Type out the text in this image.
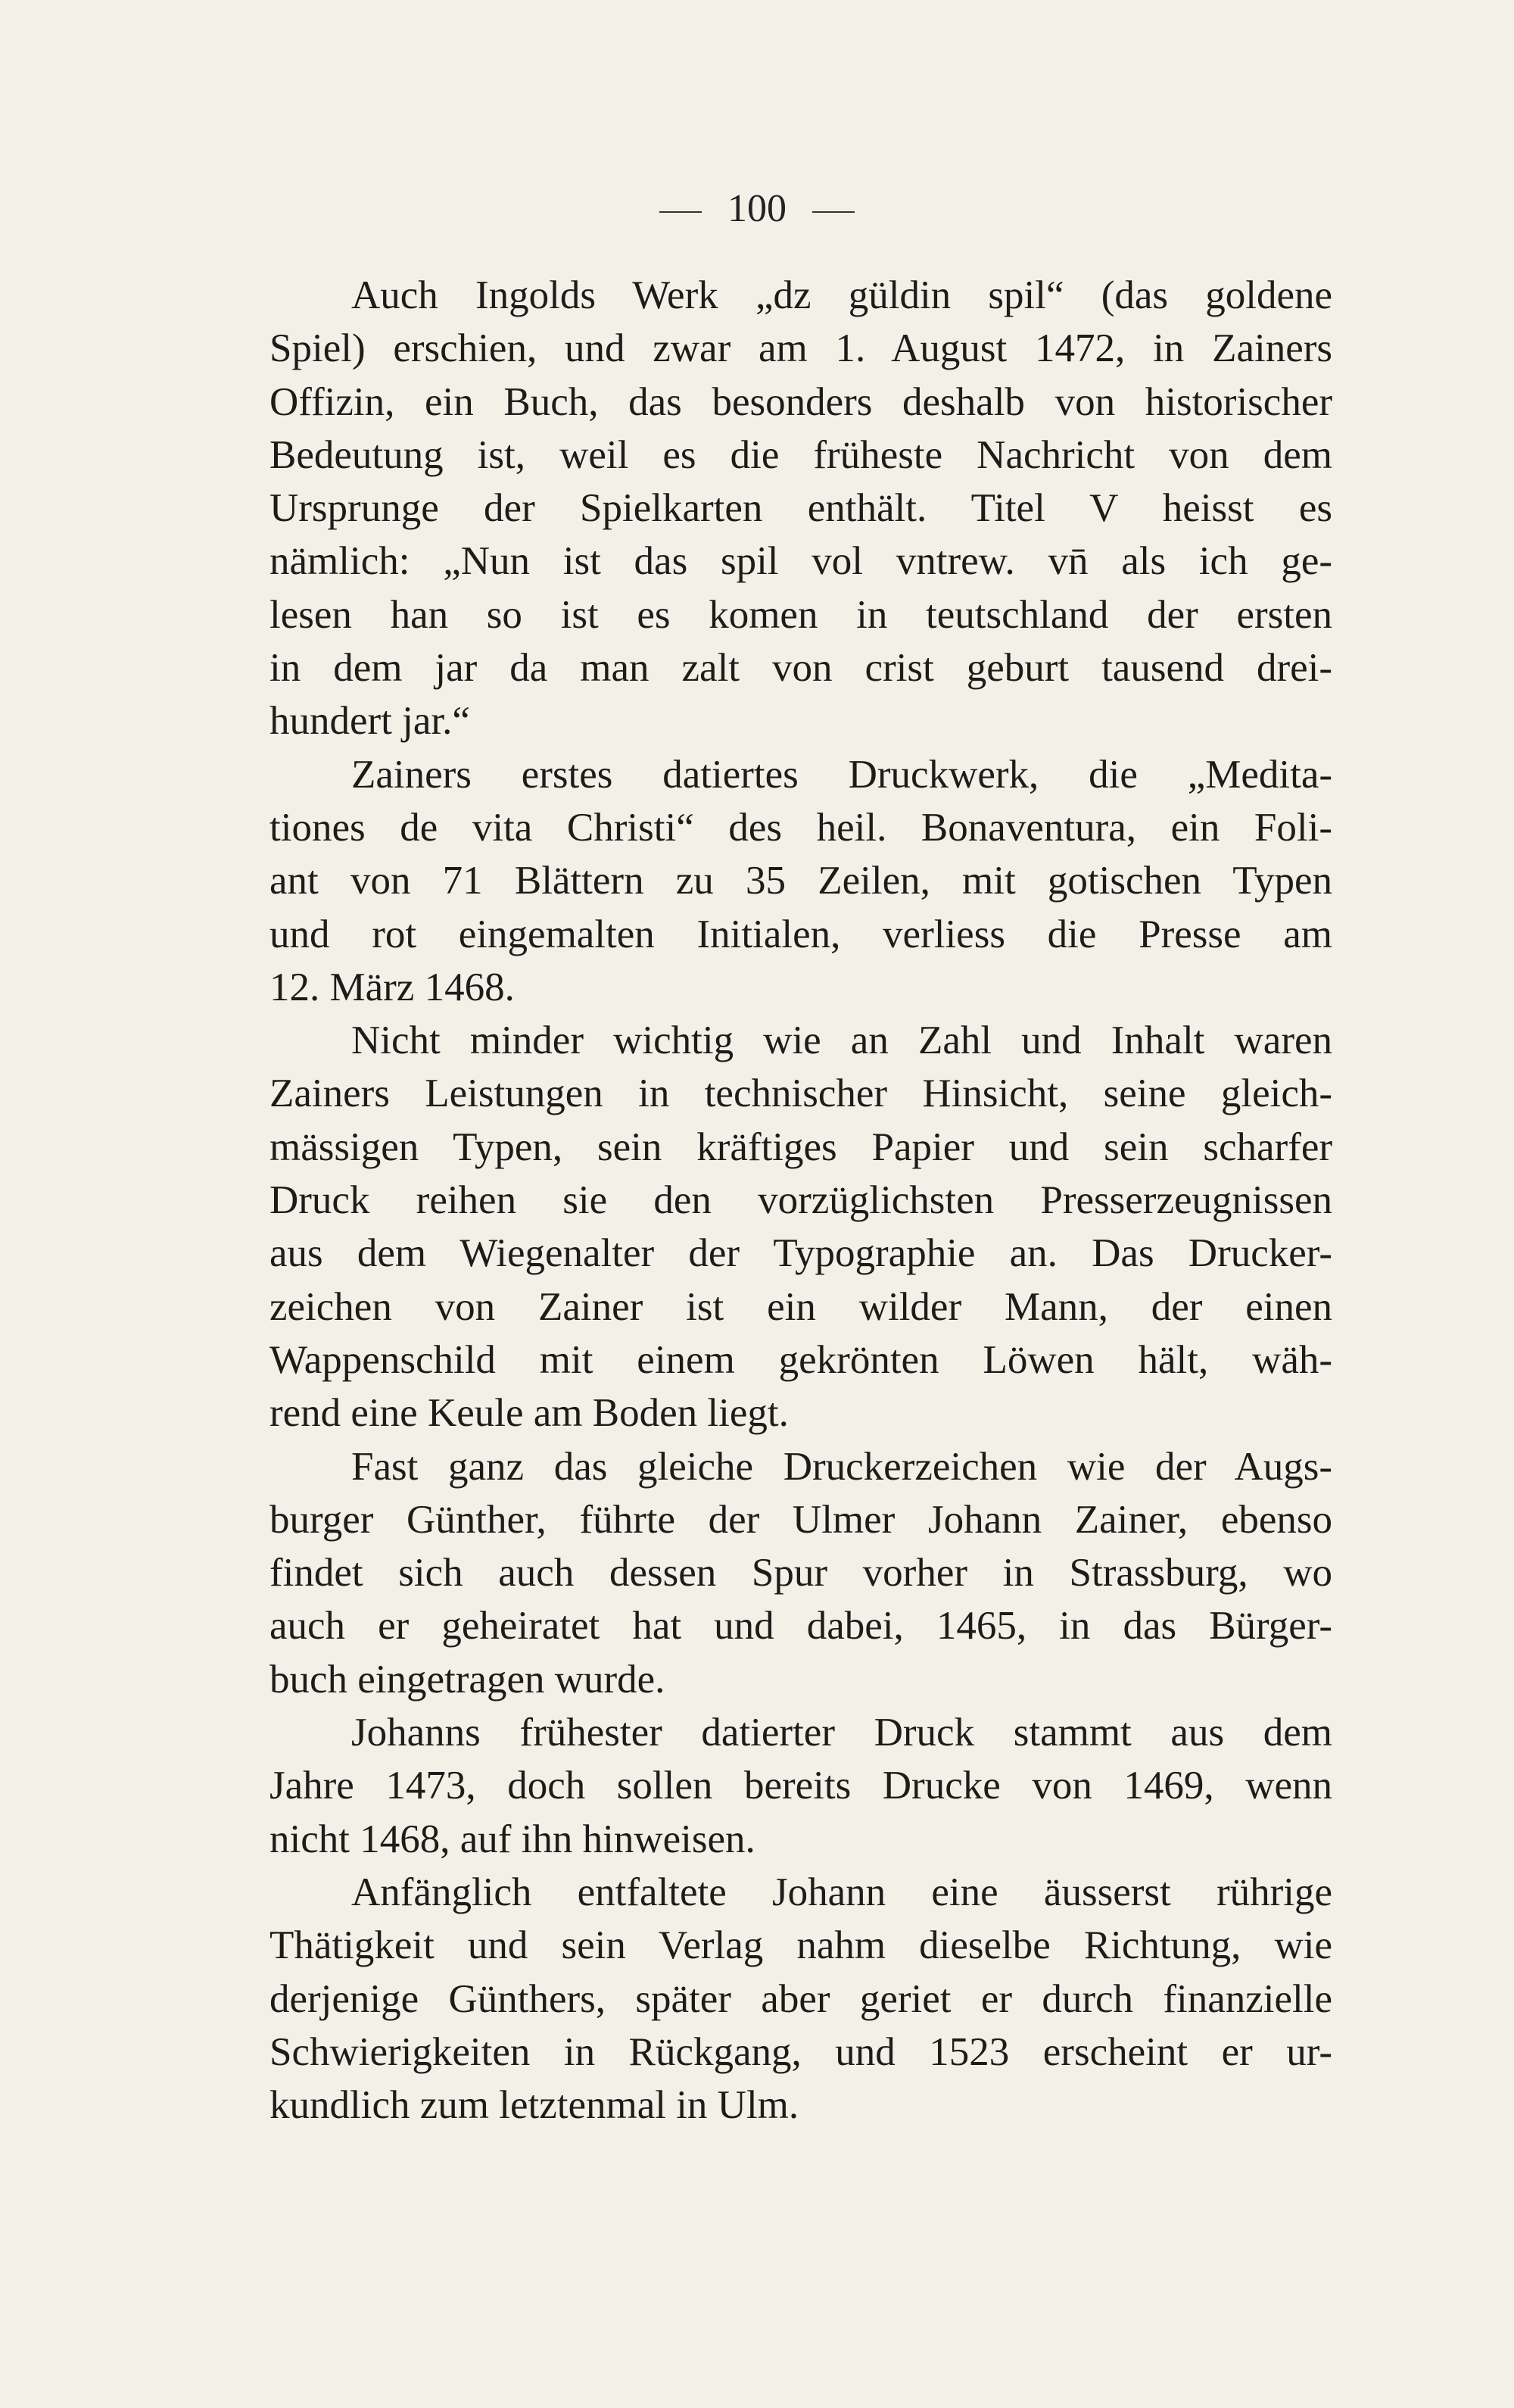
100
Auch Ingolds Werk „dz güldin spil“ (das goldene
Spiel) erschien, und zwar am 1. August 1472, in Zainers
Offizin, ein Buch, das besonders deshalb von historischer
Bedeutung ist, weil es die früheste Nachricht von dem
Ursprunge der Spielkarten enthält. Titel V heisst es
nämlich: „Nun ist das spil vol vntrew. vn̄ als ich ge-
lesen han so ist es komen in teutschland der ersten
in dem jar da man zalt von crist geburt tausend drei-
hundert jar.“
Zainers erstes datiertes Druckwerk, die „Medita-
tiones de vita Christi“ des heil. Bonaventura, ein Foli-
ant von 71 Blättern zu 35 Zeilen, mit gotischen Typen
und rot eingemalten Initialen, verliess die Presse am
12. März 1468.
Nicht minder wichtig wie an Zahl und Inhalt waren
Zainers Leistungen in technischer Hinsicht, seine gleich-
mässigen Typen, sein kräftiges Papier und sein scharfer
Druck reihen sie den vorzüglichsten Presserzeugnissen
aus dem Wiegenalter der Typographie an. Das Drucker-
zeichen von Zainer ist ein wilder Mann, der einen
Wappenschild mit einem gekrönten Löwen hält, wäh-
rend eine Keule am Boden liegt.
Fast ganz das gleiche Druckerzeichen wie der Augs-
burger Günther, führte der Ulmer Johann Zainer, ebenso
findet sich auch dessen Spur vorher in Strassburg, wo
auch er geheiratet hat und dabei, 1465, in das Bürger-
buch eingetragen wurde.
Johanns frühester datierter Druck stammt aus dem
Jahre 1473, doch sollen bereits Drucke von 1469, wenn
nicht 1468, auf ihn hinweisen.
Anfänglich entfaltete Johann eine äusserst rührige
Thätigkeit und sein Verlag nahm dieselbe Richtung, wie
derjenige Günthers, später aber geriet er durch finanzielle
Schwierigkeiten in Rückgang, und 1523 erscheint er ur-
kundlich zum letztenmal in Ulm.
